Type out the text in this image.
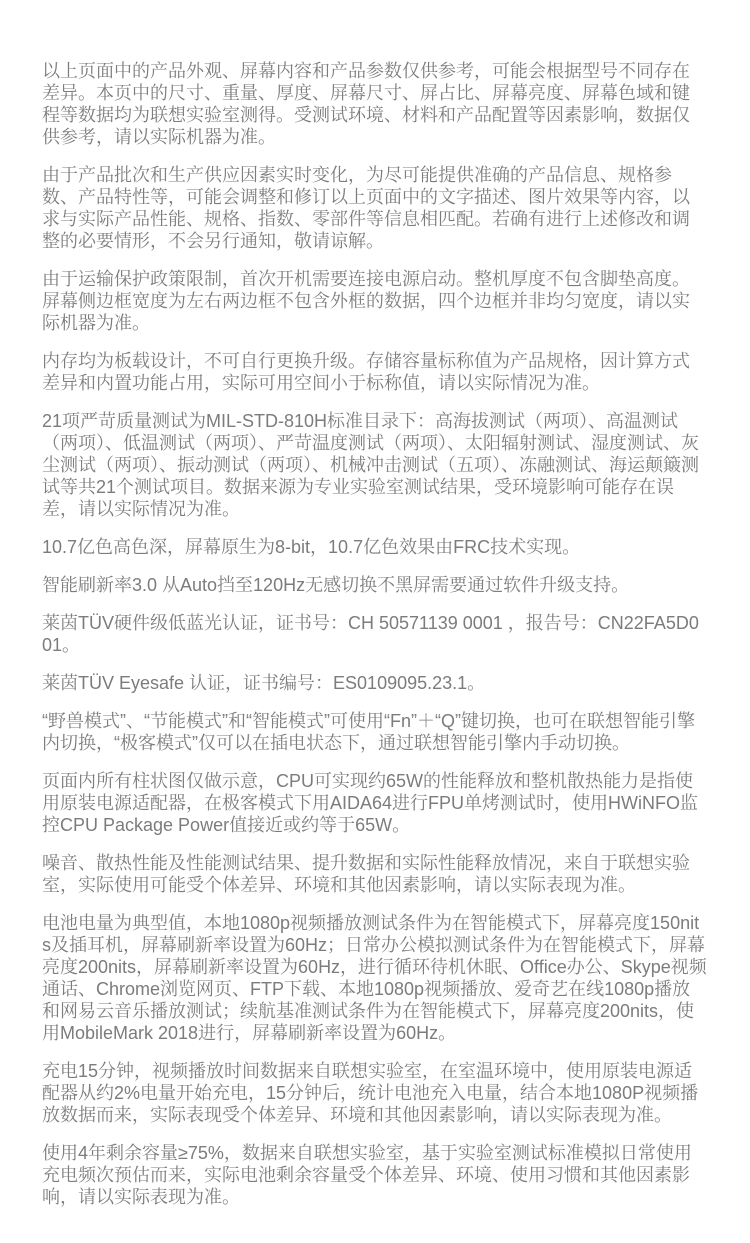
以上页面中的产品外观、屏幕内容和产品参数仅供参考，可能会根据型号不同存在差异。本页中的尺寸、重量、厚度、屏幕尺寸、屏占比、屏幕亮度、屏幕色域和键程等数据均为联想实验室测得。受测试环境、材料和产品配置等因素影响，数据仅供参考，请以实际机器为准。

由于产品批次和生产供应因素实时变化，为尽可能提供准确的产品信息、规格参数、产品特性等，可能会调整和修订以上页面中的文字描述、图片效果等内容，以求与实际产品性能、规格、指数、零部件等信息相匹配。若确有进行上述修改和调整的必要情形，不会另行通知，敬请谅解。

由于运输保护政策限制，首次开机需要连接电源启动。整机厚度不包含脚垫高度。屏幕侧边框宽度为左右两边框不包含外框的数据，四个边框并非均匀宽度，请以实际机器为准。

内存均为板载设计，不可自行更换升级。存储容量标称值为产品规格，因计算方式差异和内置功能占用，实际可用空间小于标称值，请以实际情况为准。

21项严苛质量测试为MIL-STD-810H标准目录下：高海拔测试（两项）、高温测试（两项）、低温测试（两项）、严苛温度测试（两项）、太阳辐射测试、湿度测试、灰尘测试（两项）、振动测试（两项）、机械冲击测试（五项）、冻融测试、海运颠簸测试等共21个测试项目。数据来源为专业实验室测试结果，受环境影响可能存在误差，请以实际情况为准。

10.7亿色高色深，屏幕原生为8-bit，10.7亿色效果由FRC技术实现。

智能刷新率3.0 从Auto挡至120Hz无感切换不黑屏需要通过软件升级支持。

莱茵TÜV硬件级低蓝光认证，证书号：CH 50571139 0001 ，报告号：CN22FA5D001。

莱茵TÜV Eyesafe 认证，证书编号：ES0109095.23.1。

“野兽模式”、“节能模式”和“智能模式”可使用“Fn”＋“Q”键切换，也可在联想智能引擎内切换，“极客模式”仅可以在插电状态下，通过联想智能引擎内手动切换。

页面内所有柱状图仅做示意，CPU可实现约65W的性能释放和整机散热能力是指使用原装电源适配器，在极客模式下用AIDA64进行FPU单烤测试时，使用HWiNFO监控CPU Package Power值接近或约等于65W。

噪音、散热性能及性能测试结果、提升数据和实际性能释放情况，来自于联想实验室，实际使用可能受个体差异、环境和其他因素影响，请以实际表现为准。

电池电量为典型值，本地1080p视频播放测试条件为在智能模式下，屏幕亮度150nits及插耳机，屏幕刷新率设置为60Hz；日常办公模拟测试条件为在智能模式下，屏幕亮度200nits，屏幕刷新率设置为60Hz，进行循环待机休眠、Office办公、Skype视频通话、Chrome浏览网页、FTP下载、本地1080p视频播放、爱奇艺在线1080p播放和网易云音乐播放测试；续航基准测试条件为在智能模式下，屏幕亮度200nits，使用MobileMark 2018进行，屏幕刷新率设置为60Hz。

充电15分钟，视频播放时间数据来自联想实验室，在室温环境中，使用原装电源适配器从约2%电量开始充电，15分钟后，统计电池充入电量，结合本地1080P视频播放数据而来，实际表现受个体差异、环境和其他因素影响，请以实际表现为准。

使用4年剩余容量≥75%，数据来自联想实验室，基于实验室测试标准模拟日常使用充电频次预估而来，实际电池剩余容量受个体差异、环境、使用习惯和其他因素影响，请以实际表现为准。
